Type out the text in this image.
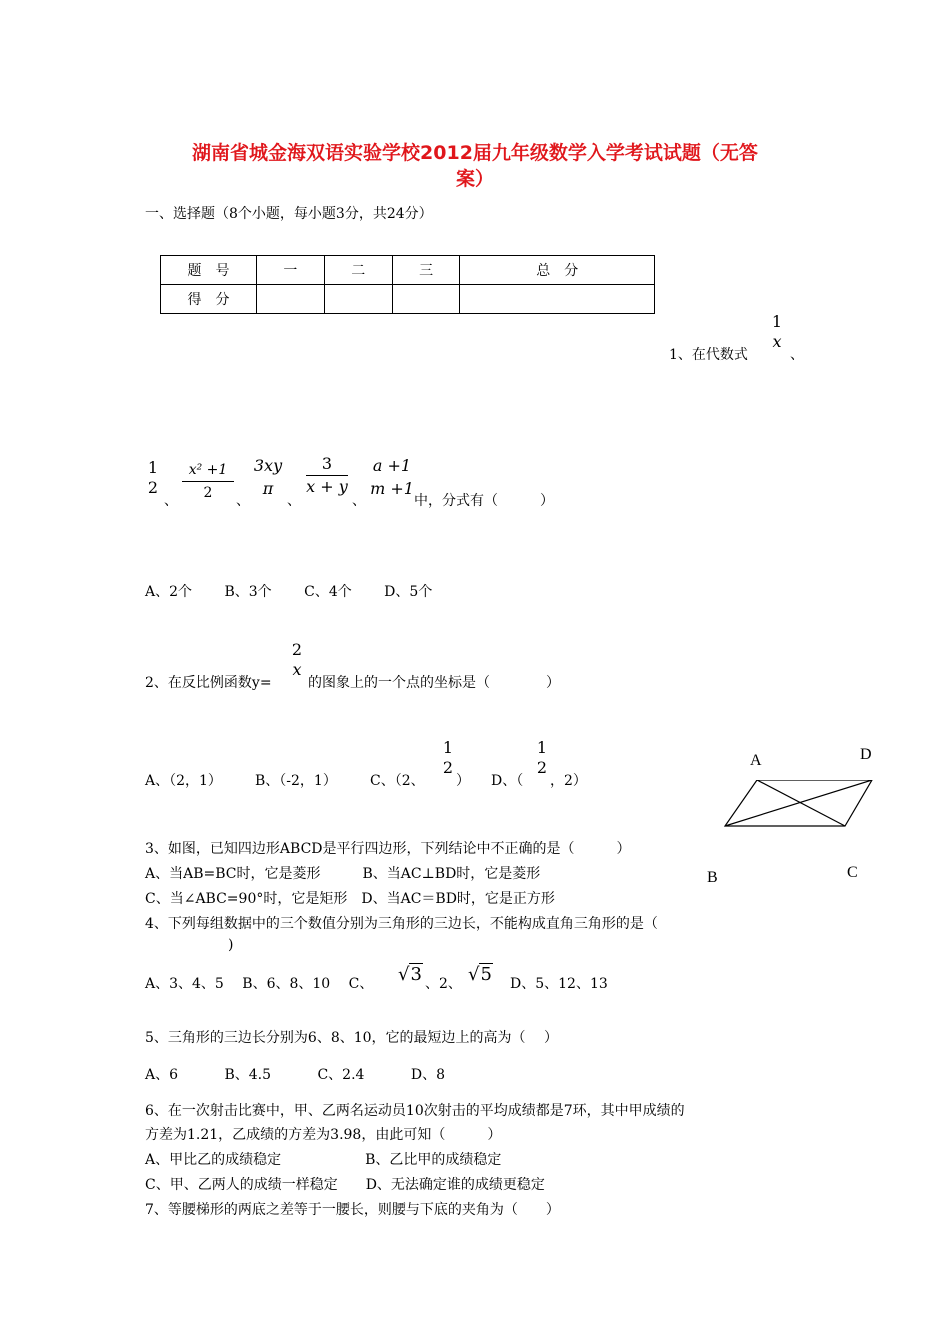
湖南省城金海双语实验学校2012届九年级数学入学考试试题（无答
案）
一、选择题（8个小题，每小题3分，共24分）
题　号	一	二	三	总　分
得　分				
1、在代数式
1
x
、
1
2
、
x² +1
2	、
3xy
π
、
3
x + y
、
a +1
m +1
中，分式有（　　　）
A、2个　　 B、3个　　 C、4个　　 D、5个
2
x
2、在反比例函数y=	的图象上的一个点的坐标是（　　　　）
A、（2，1） B、（-2，1） C、（2、
1
2
） D、（
1
2
，2）
A	D
B	C
3、如图，已知四边形ABCD是平行四边形，下列结论中不正确的是（　　　）
A、当AB=BC时，它是菱形　　　B、当AC⊥BD时，它是菱形
C、当∠ABC=90°时，它是矩形　D、当AC＝BD时，它是正方形
4、下列每组数据中的三个数值分别为三角形的三边长，不能构成直角三角形的是（
)
A、3、4、5　 B、6、8、10　 C、 √3 、2、 √5 D、5、12、13
5、三角形的三边长分别为6、8、10，它的最短边上的高为（　 ）
A、6　　　 B、4.5　　　 C、2.4　　　 D、8
6、在一次射击比赛中，甲、乙两名运动员10次射击的平均成绩都是7环，其中甲成绩的
方差为1.21，乙成绩的方差为3.98，由此可知（　　　）
A、甲比乙的成绩稳定　　　　　　B、乙比甲的成绩稳定
C、甲、乙两人的成绩一样稳定　　D、无法确定谁的成绩更稳定
7、等腰梯形的两底之差等于一腰长，则腰与下底的夹角为（　　）
